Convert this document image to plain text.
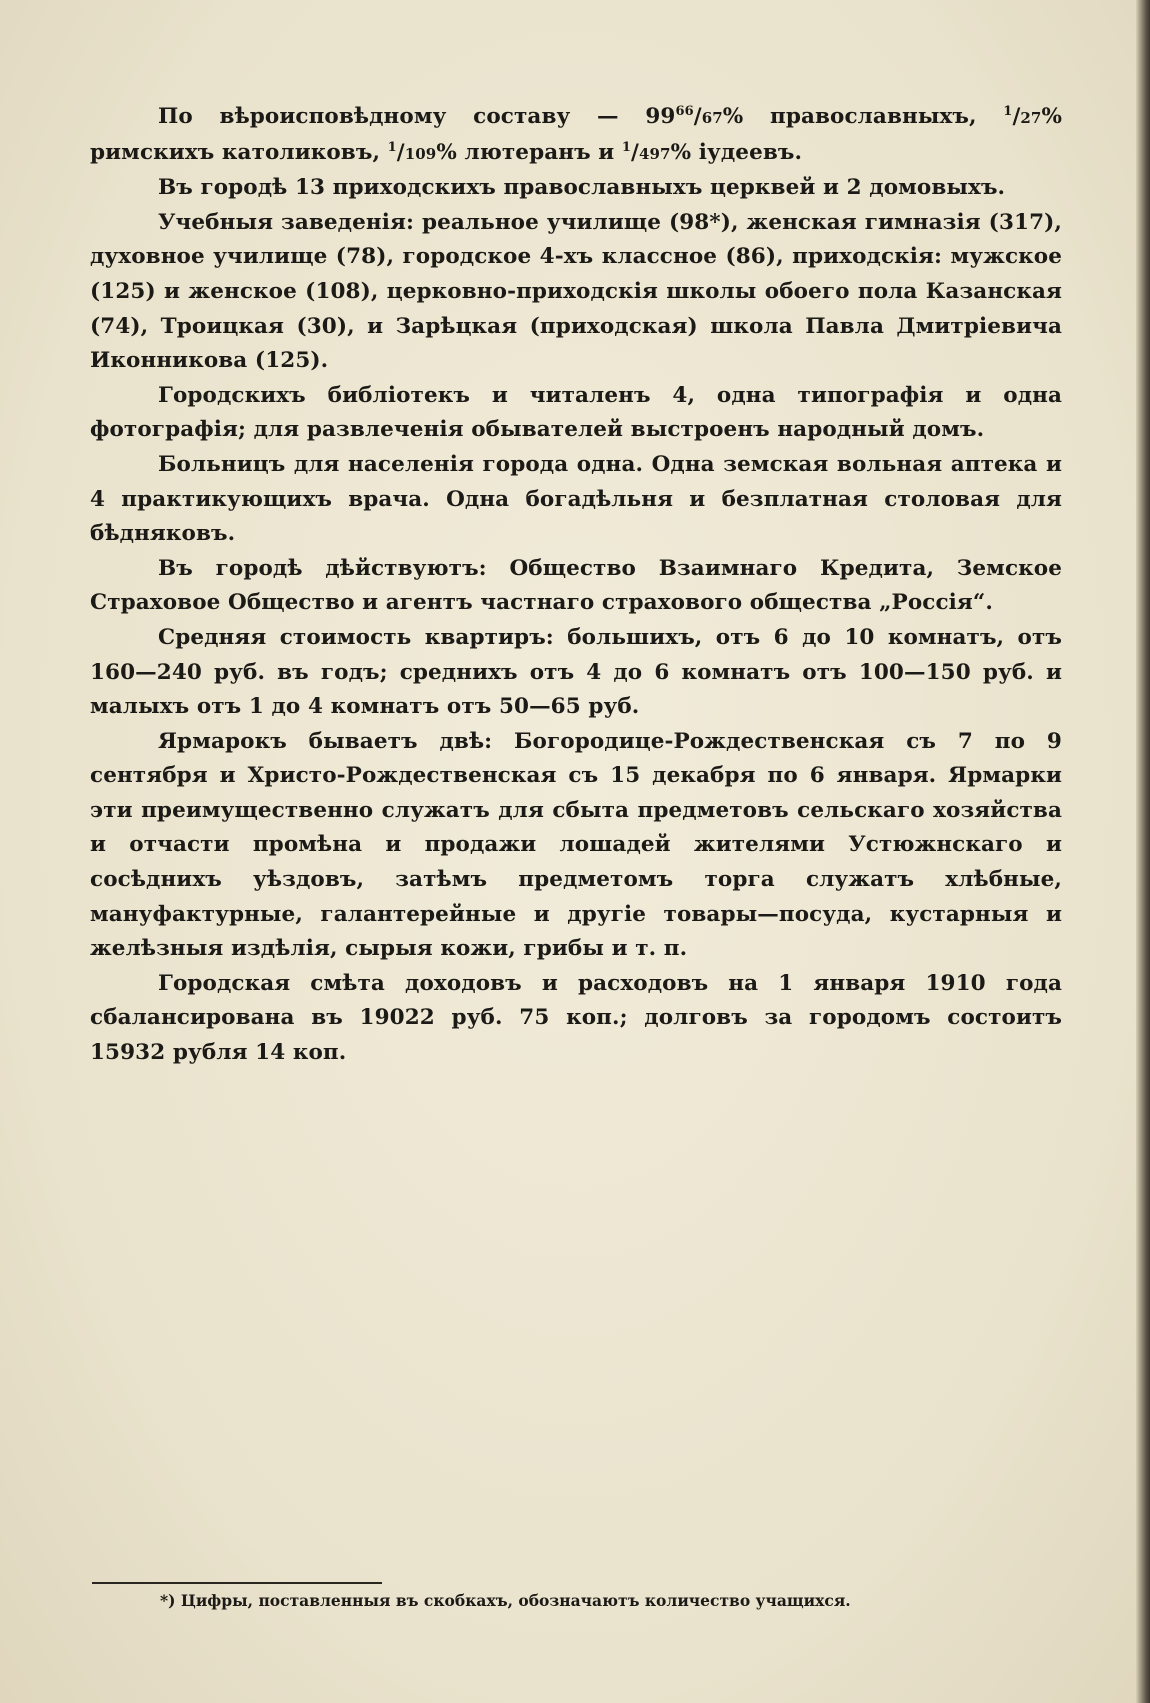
По вѣроисповѣдному составу — $99^{66}/67\%$ православныхъ, $^1$/27% римскихъ католиковъ, $^1$/109% лютеранъ и $^1$/497% іудеевъ.

Въ городѣ 13 приходскихъ православныхъ церквей и 2 домовыхъ.

Учебныя заведенія: реальное училище (98*), женская гимназія (317), духовное училище (78), городское 4-хъ классное (86), приходскія: мужское (125) и женское (108), церковно-приходскія школы обоего пола Казанская (74), Троицкая (30), и Зарѣцкая (приходская) школа Павла Дмитріевича Иконникова (125).

Городскихъ библіотекъ и читаленъ 4, одна типографія и одна фотографія; для развлеченія обывателей выстроенъ народный домъ.

Больницъ для населенія города одна. Одна земская вольная аптека и 4 практикующихъ врача. Одна богадѣльня и безплатная столовая для бѣдняковъ.

Въ городѣ дѣйствуютъ: Общество Взаимнаго Кредита, Земское Страховое Общество и агентъ частнаго страхового общества „Россія“.

Средняя стоимость квартиръ: большихъ, отъ 6 до 10 комнатъ, отъ 160—240 руб. въ годъ; среднихъ отъ 4 до 6 комнатъ отъ 100—150 руб. и малыхъ отъ 1 до 4 комнатъ отъ 50—65 руб.

Ярмарокъ бываетъ двѣ: Богородице-Рождественская съ 7 по 9 сентября и Христо-Рождественская съ 15 декабря по 6 января. Ярмарки эти преимущественно служатъ для сбыта предметовъ сельскаго хозяйства и отчасти промѣна и продажи лошадей жителями Устюжнскаго и сосѣднихъ уѣздовъ, затѣмъ предметомъ торга служатъ хлѣбные, мануфактурные, галантерейные и другіе товары—посуда, кустарныя и желѣзныя издѣлія, сырыя кожи, грибы и т. п.

Городская смѣта доходовъ и расходовъ на 1 января 1910 года сбалансирована въ 19022 руб. 75 коп.; долговъ за городомъ состоитъ 15932 рубля 14 коп.

*) Цифры, поставленныя въ скобкахъ, обозначаютъ количество учащихся.
